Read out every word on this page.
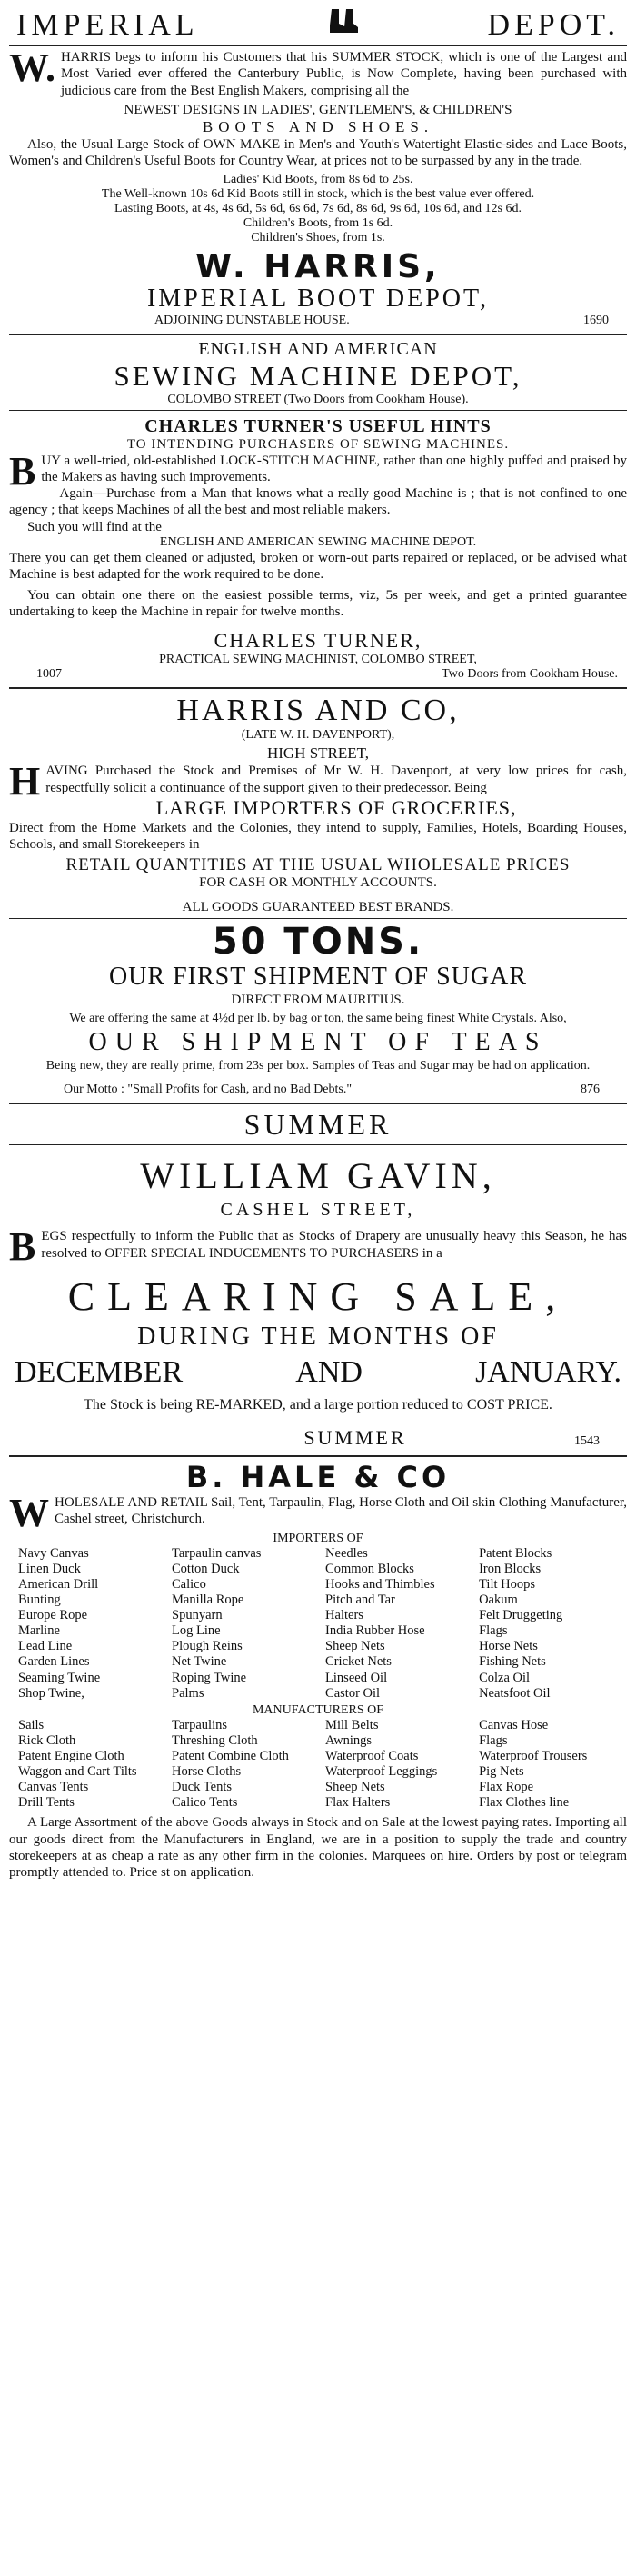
IMPERIAL	DEPOT.

W.HARRIS begs to inform his Customers that his SUMMER STOCK, which is one of the Largest and Most Varied ever offered the Canterbury Public, is Now Complete, having been purchased with judicious care from the Best English Makers, comprising all the

NEWEST DESIGNS IN LADIES', GENTLEMEN'S, & CHILDREN'S

BOOTS AND SHOES.

Also, the Usual Large Stock of OWN MAKE in Men's and Youth's Watertight Elastic-sides and Lace Boots, Women's and Children's Useful Boots for Country Wear, at prices not to be surpassed by any in the trade.

Ladies' Kid Boots, from 8s 6d to 25s.

The Well-known 10s 6d Kid Boots still in stock, which is the best value ever offered.

Lasting Boots, at 4s, 4s 6d, 5s 6d, 6s 6d, 7s 6d, 8s 6d, 9s 6d, 10s 6d, and 12s 6d.

Children's Boots, from 1s 6d.

Children's Shoes, from 1s.

W. HARRIS,

IMPERIAL BOOT DEPOT,

ADJOINING DUNSTABLE HOUSE.	1690

ENGLISH AND AMERICAN

SEWING MACHINE DEPOT,

COLOMBO STREET (Two Doors from Cookham House).

CHARLES TURNER'S USEFUL HINTS

TO INTENDING PURCHASERS OF SEWING MACHINES.

BUY a well-tried, old-established LOCK-STITCH MACHINE, rather than one highly puffed and praised by the Makers as having such improvements.

Again—Purchase from a Man that knows what a really good Machine is ; that is not confined to one agency ; that keeps Machines of all the best and most reliable makers.

Such you will find at the

ENGLISH AND AMERICAN SEWING MACHINE DEPOT.

There you can get them cleaned or adjusted, broken or worn-out parts repaired or replaced, or be advised what Machine is best adapted for the work required to be done.

You can obtain one there on the easiest possible terms, viz, 5s per week, and get a printed guarantee undertaking to keep the Machine in repair for twelve months.

CHARLES TURNER,

PRACTICAL SEWING MACHINIST, COLOMBO STREET,

1007	Two Doors from Cookham House.

HARRIS AND CO,

(LATE W. H. DAVENPORT),

HIGH STREET,

HAVING Purchased the Stock and Premises of Mr W. H. Davenport, at very low prices for cash, respectfully solicit a continuance of the support given to their predecessor. Being

LARGE IMPORTERS OF GROCERIES,

Direct from the Home Markets and the Colonies, they intend to supply, Families, Hotels, Boarding Houses, Schools, and small Storekeepers in

RETAIL QUANTITIES AT THE USUAL WHOLESALE PRICES

FOR CASH OR MONTHLY ACCOUNTS.

ALL GOODS GUARANTEED BEST BRANDS.

50 TONS.

OUR FIRST SHIPMENT OF SUGAR

DIRECT FROM MAURITIUS.

We are offering the same at 4½d per lb. by bag or ton, the same being finest White Crystals. Also,

OUR SHIPMENT OF TEAS

Being new, they are really prime, from 23s per box. Samples of Teas and Sugar may be had on application.

Our Motto : "Small Profits for Cash, and no Bad Debts."	876

SUMMER

WILLIAM GAVIN,

CASHEL STREET,

BEGS respectfully to inform the Public that as Stocks of Drapery are unusually heavy this Season, he has resolved to OFFER SPECIAL INDUCEMENTS TO PURCHASERS in a

CLEARING SALE,

DURING THE MONTHS OF

DECEMBER	AND	JANUARY.

The Stock is being RE-MARKED, and a large portion reduced to COST PRICE.

SUMMER	1543

B. HALE & CO

WHOLESALE AND RETAIL Sail, Tent, Tarpaulin, Flag, Horse Cloth and Oil skin Clothing Manufacturer, Cashel street, Christchurch.

IMPORTERS OF

Navy Canvas	Tarpaulin canvas	Needles	Patent Blocks
Linen Duck	Cotton Duck	Common Blocks	Iron Blocks
American Drill	Calico	Hooks and Thimbles	Tilt Hoops
Bunting	Manilla Rope	Pitch and Tar	Oakum
Europe Rope	Spunyarn	Halters	Felt Druggeting
Marline	Log Line	India Rubber Hose	Flags
Lead Line	Plough Reins	Sheep Nets	Horse Nets
Garden Lines	Net Twine	Cricket Nets	Fishing Nets
Seaming Twine	Roping Twine	Linseed Oil	Colza Oil
Shop Twine,	Palms	Castor Oil	Neatsfoot Oil

MANUFACTURERS OF

Sails	Tarpaulins	Mill Belts	Canvas Hose
Rick Cloth	Threshing Cloth	Awnings	Flags
Patent Engine Cloth	Patent Combine Cloth	Waterproof Coats	Waterproof Trousers
Waggon and Cart Tilts	Horse Cloths	Waterproof Leggings	Pig Nets
Canvas Tents	Duck Tents	Sheep Nets	Flax Rope
Drill Tents	Calico Tents	Flax Halters	Flax Clothes line

A Large Assortment of the above Goods always in Stock and on Sale at the lowest paying rates. Importing all our goods direct from the Manufacturers in England, we are in a position to supply the trade and country storekeepers at as cheap a rate as any other firm in the colonies. Marquees on hire. Orders by post or telegram promptly attended to. Price st on application.
